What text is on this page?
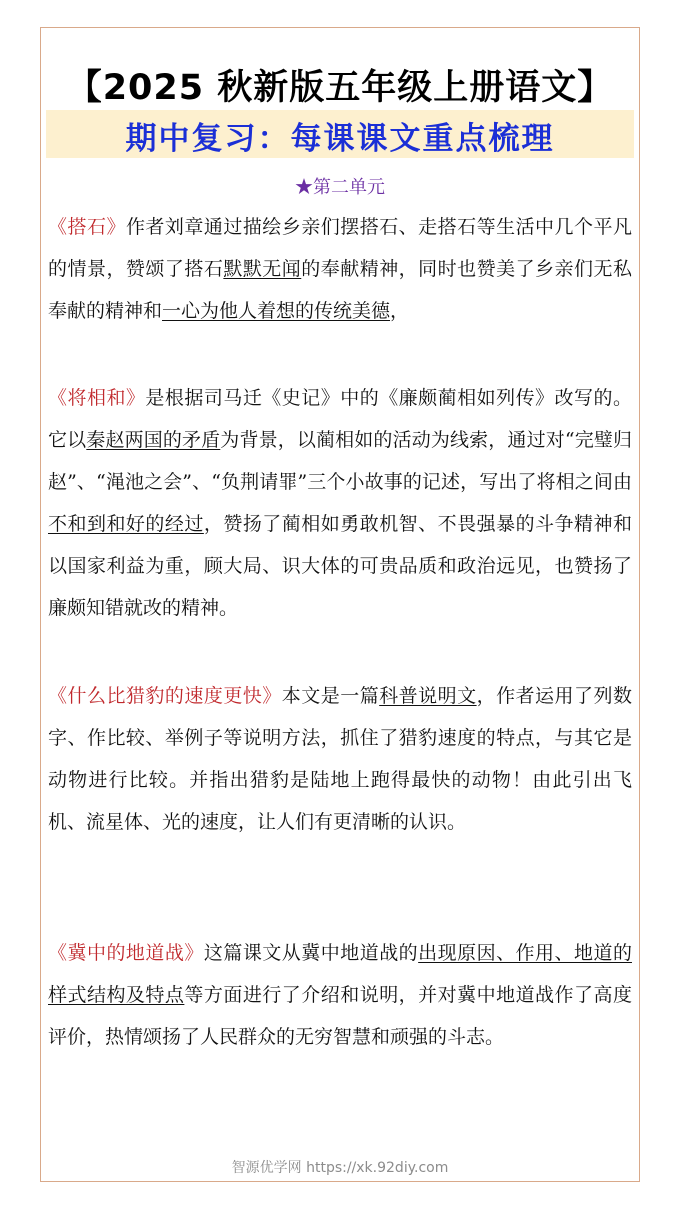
【2025 秋新版五年级上册语文】
期中复习：每课课文重点梳理
★第二单元

《搭石》作者刘章通过描绘乡亲们摆搭石、走搭石等生活中几个平凡的情景，赞颂了搭石默默无闻的奉献精神，同时也赞美了乡亲们无私奉献的精神和一心为他人着想的传统美德，

《将相和》是根据司马迁《史记》中的《廉颇蔺相如列传》改写的。它以秦赵两国的矛盾为背景，以蔺相如的活动为线索，通过对“完璧归赵”、“渑池之会”、“负荆请罪”三个小故事的记述，写出了将相之间由不和到和好的经过，赞扬了蔺相如勇敢机智、不畏强暴的斗争精神和以国家利益为重，顾大局、识大体的可贵品质和政治远见，也赞扬了廉颇知错就改的精神。

《什么比猎豹的速度更快》本文是一篇科普说明文，作者运用了列数字、作比较、举例子等说明方法，抓住了猎豹速度的特点，与其它是动物进行比较。并指出猎豹是陆地上跑得最快的动物！由此引出飞机、流星体、光的速度，让人们有更清晰的认识。

《冀中的地道战》这篇课文从冀中地道战的出现原因、作用、地道的样式结构及特点等方面进行了介绍和说明，并对冀中地道战作了高度评价，热情颂扬了人民群众的无穷智慧和顽强的斗志。

智源优学网 https://xk.92diy.com
